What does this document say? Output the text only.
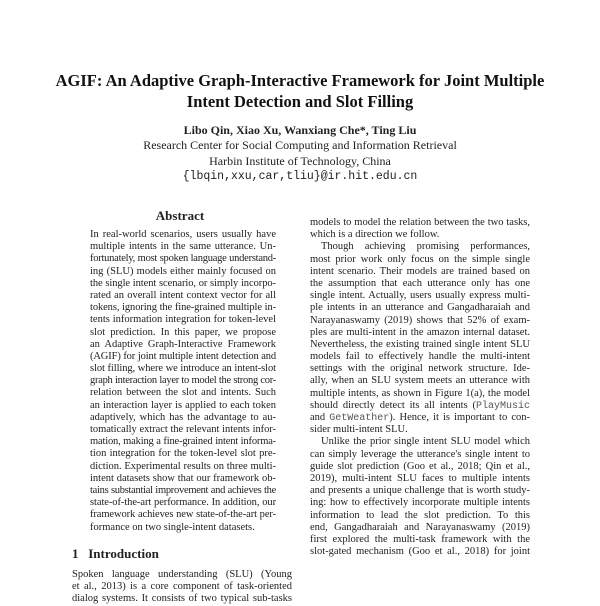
AGIF: An Adaptive Graph-Interactive Framework for Joint Multiple
Intent Detection and Slot Filling
Libo Qin, Xiao Xu, Wanxiang Che*, Ting Liu
Research Center for Social Computing and Information Retrieval
Harbin Institute of Technology, China
{lbqin,xxu,car,tliu}@ir.hit.edu.cn
Abstract
In real-world scenarios, users usually have
multiple intents in the same utterance. Un-
fortunately, most spoken language understand-
ing (SLU) models either mainly focused on
the single intent scenario, or simply incorpo-
rated an overall intent context vector for all
tokens, ignoring the fine-grained multiple in-
tents information integration for token-level
slot prediction. In this paper, we propose
an Adaptive Graph-Interactive Framework
(AGIF) for joint multiple intent detection and
slot filling, where we introduce an intent-slot
graph interaction layer to model the strong cor-
relation between the slot and intents. Such
an interaction layer is applied to each token
adaptively, which has the advantage to au-
tomatically extract the relevant intents infor-
mation, making a fine-grained intent informa-
tion integration for the token-level slot pre-
diction. Experimental results on three multi-
intent datasets show that our framework ob-
tains substantial improvement and achieves the
state-of-the-art performance. In addition, our
framework achieves new state-of-the-art per-
formance on two single-intent datasets.
1 Introduction
Spoken language understanding (SLU) (Young
et al., 2013) is a core component of task-oriented
dialog systems. It consists of two typical sub-tasks
models to model the relation between the two tasks,
which is a direction we follow.
Though achieving promising performances,
most prior work only focus on the simple single
intent scenario. Their models are trained based on
the assumption that each utterance only has one
single intent. Actually, users usually express multi-
ple intents in an utterance and Gangadharaiah and
Narayanaswamy (2019) shows that 52% of exam-
ples are multi-intent in the amazon internal dataset.
Nevertheless, the existing trained single intent SLU
models fail to effectively handle the multi-intent
settings with the original network structure. Ide-
ally, when an SLU system meets an utterance with
multiple intents, as shown in Figure 1(a), the model
should directly detect its all intents (PlayMusic
and GetWeather). Hence, it is important to con-
sider multi-intent SLU.
Unlike the prior single intent SLU model which
can simply leverage the utterance's single intent to
guide slot prediction (Goo et al., 2018; Qin et al.,
2019), multi-intent SLU faces to multiple intents
and presents a unique challenge that is worth study-
ing: how to effectively incorporate multiple intents
information to lead the slot prediction. To this
end, Gangadharaiah and Narayanaswamy (2019)
first explored the multi-task framework with the
slot-gated mechanism (Goo et al., 2018) for joint
